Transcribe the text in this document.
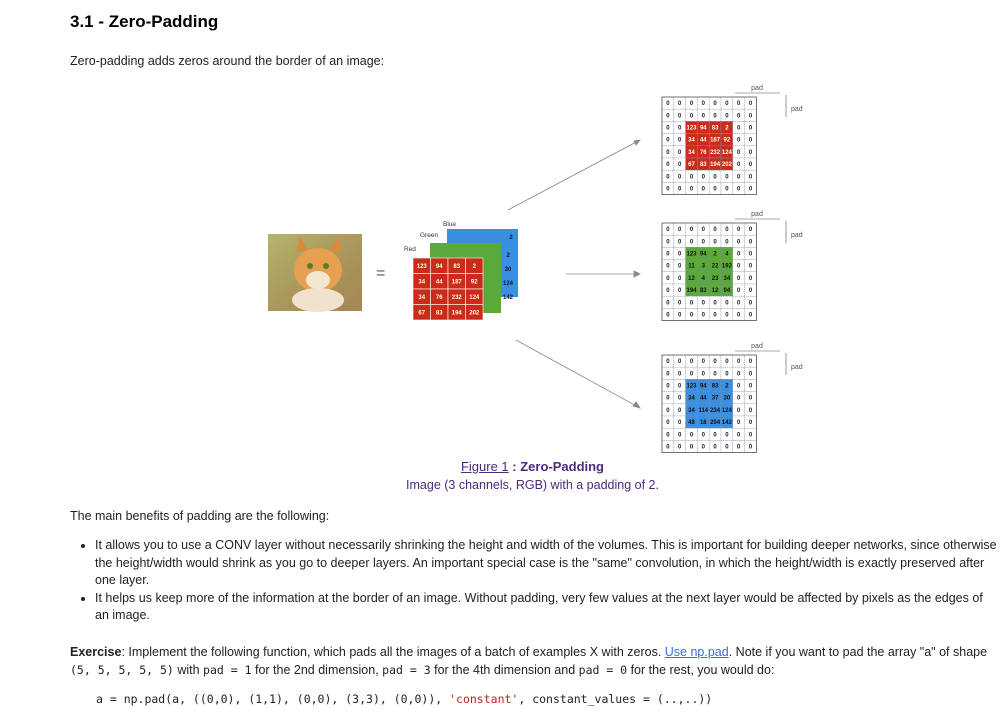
3.1 - Zero-Padding
Zero-padding adds zeros around the border of an image:
=	123 94 83 2
34 44 187 92
34 76 232 124
67 83 194 202
Blue
Green
Red
2
30
124
142
2
0 0 0 0 0 0 0 0
0 0 0 0 0 0 0 0
0 0 123 94 83 2 0 0
0 0 34 44 187 92 0 0
0 0 34 76 232 124 0 0
0 0 67 83 194 202 0 0
0 0 0 0 0 0 0 0
0 0 0 0 0 0 0 0
0 0 0 0 0 0 0 0
0 0 0 0 0 0 0 0
0 0 123 94 2 4 0 0
0 0 11 3 22 192 0 0
0 0 12 4 23 34 0 0
0 0 194 83 12 94 0 0
0 0 0 0 0 0 0 0
0 0 0 0 0 0 0 0
0 0 0 0 0 0 0 0
0 0 0 0 0 0 0 0
0 0 123 94 83 2 0 0
0 0 34 44 37 30 0 0
0 0 34 114 234 124 0 0
0 0 48 18 204 142 0 0
0 0 0 0 0 0 0 0
0 0 0 0 0 0 0 0
pad
pad
pad
pad
pad
pad
Figure 1 : Zero-Padding
Image (3 channels, RGB) with a padding of 2.
The main benefits of padding are the following:
• It allows you to use a CONV layer without necessarily shrinking the height and width of the volumes. This is important for building deeper networks, since otherwise the height/width would shrink as you go to deeper layers. An important special case is the "same" convolution, in which the height/width is exactly preserved after one layer.
• It helps us keep more of the information at the border of an image. Without padding, very few values at the next layer would be affected by pixels as the edges of an image.
Exercise: Implement the following function, which pads all the images of a batch of examples X with zeros. Use np.pad. Note if you want to pad the array "a" of shape (5, 5, 5, 5, 5) with pad = 1 for the 2nd dimension, pad = 3 for the 4th dimension and pad = 0 for the rest, you would do:
a = np.pad(a, ((0,0), (1,1), (0,0), (3,3), (0,0)), 'constant', constant_values = (..,..))
